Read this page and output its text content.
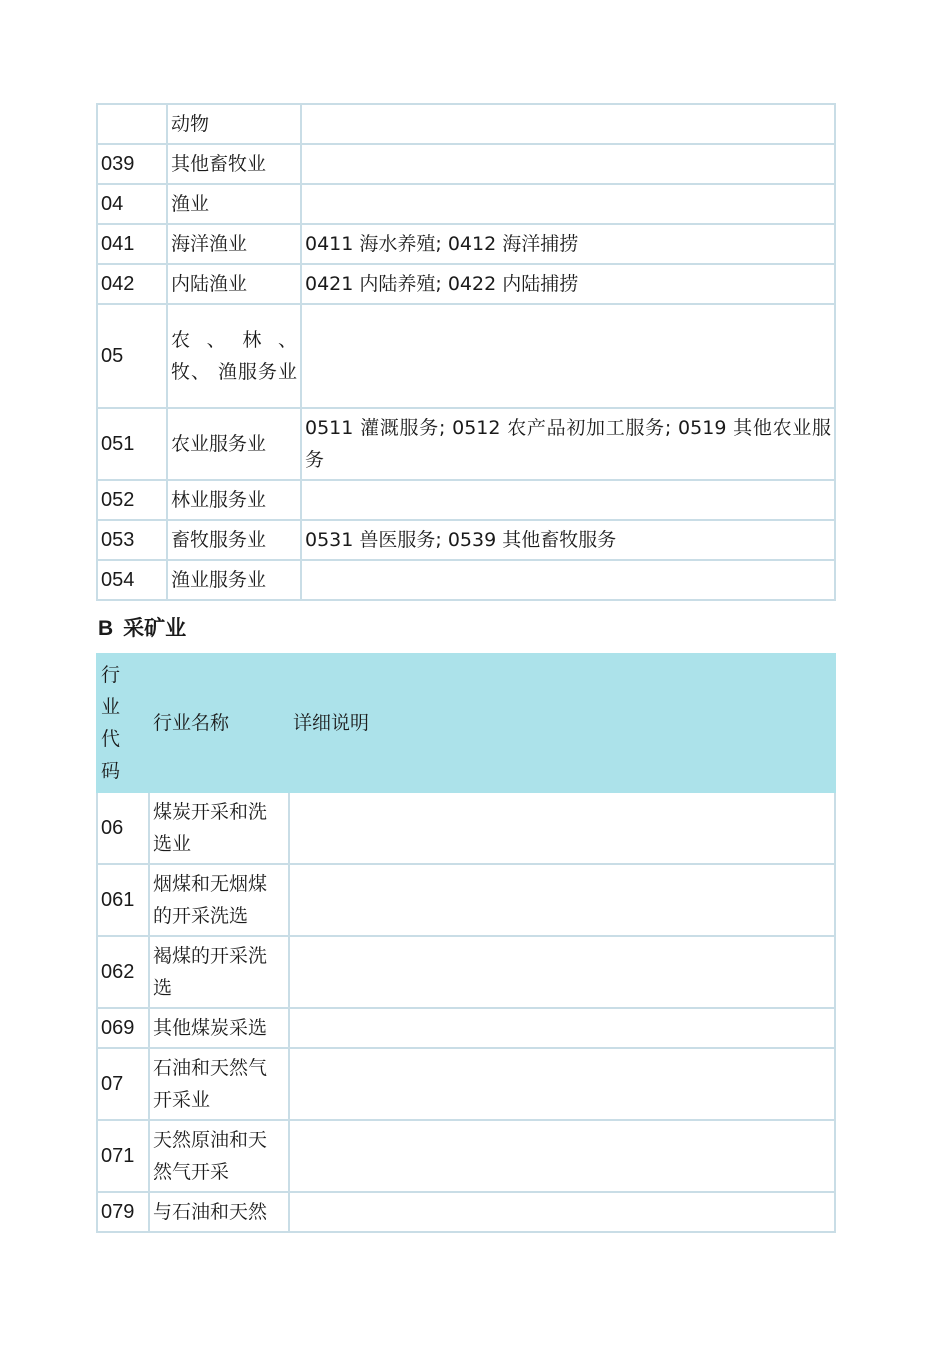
	动物	
039	其他畜牧业	
04	渔业	
041	海洋渔业	0411 海水养殖; 0412 海洋捕捞
042	内陆渔业	0421 内陆养殖; 0422 内陆捕捞
05	农 、 林 、牧、 渔服务业	
051	农业服务业	0511 灌溉服务; 0512 农产品初加工服务; 0519 其他农业服务
052	林业服务业	
053	畜牧服务业	0531 兽医服务; 0539 其他畜牧服务
054	渔业服务业	
B 采矿业
行业代码	行业名称	详细说明
06	煤炭开采和洗选业	
061	烟煤和无烟煤的开采洗选	
062	褐煤的开采洗选	
069	其他煤炭采选	
07	石油和天然气开采业	
071	天然原油和天然气开采	
079	与石油和天然	
